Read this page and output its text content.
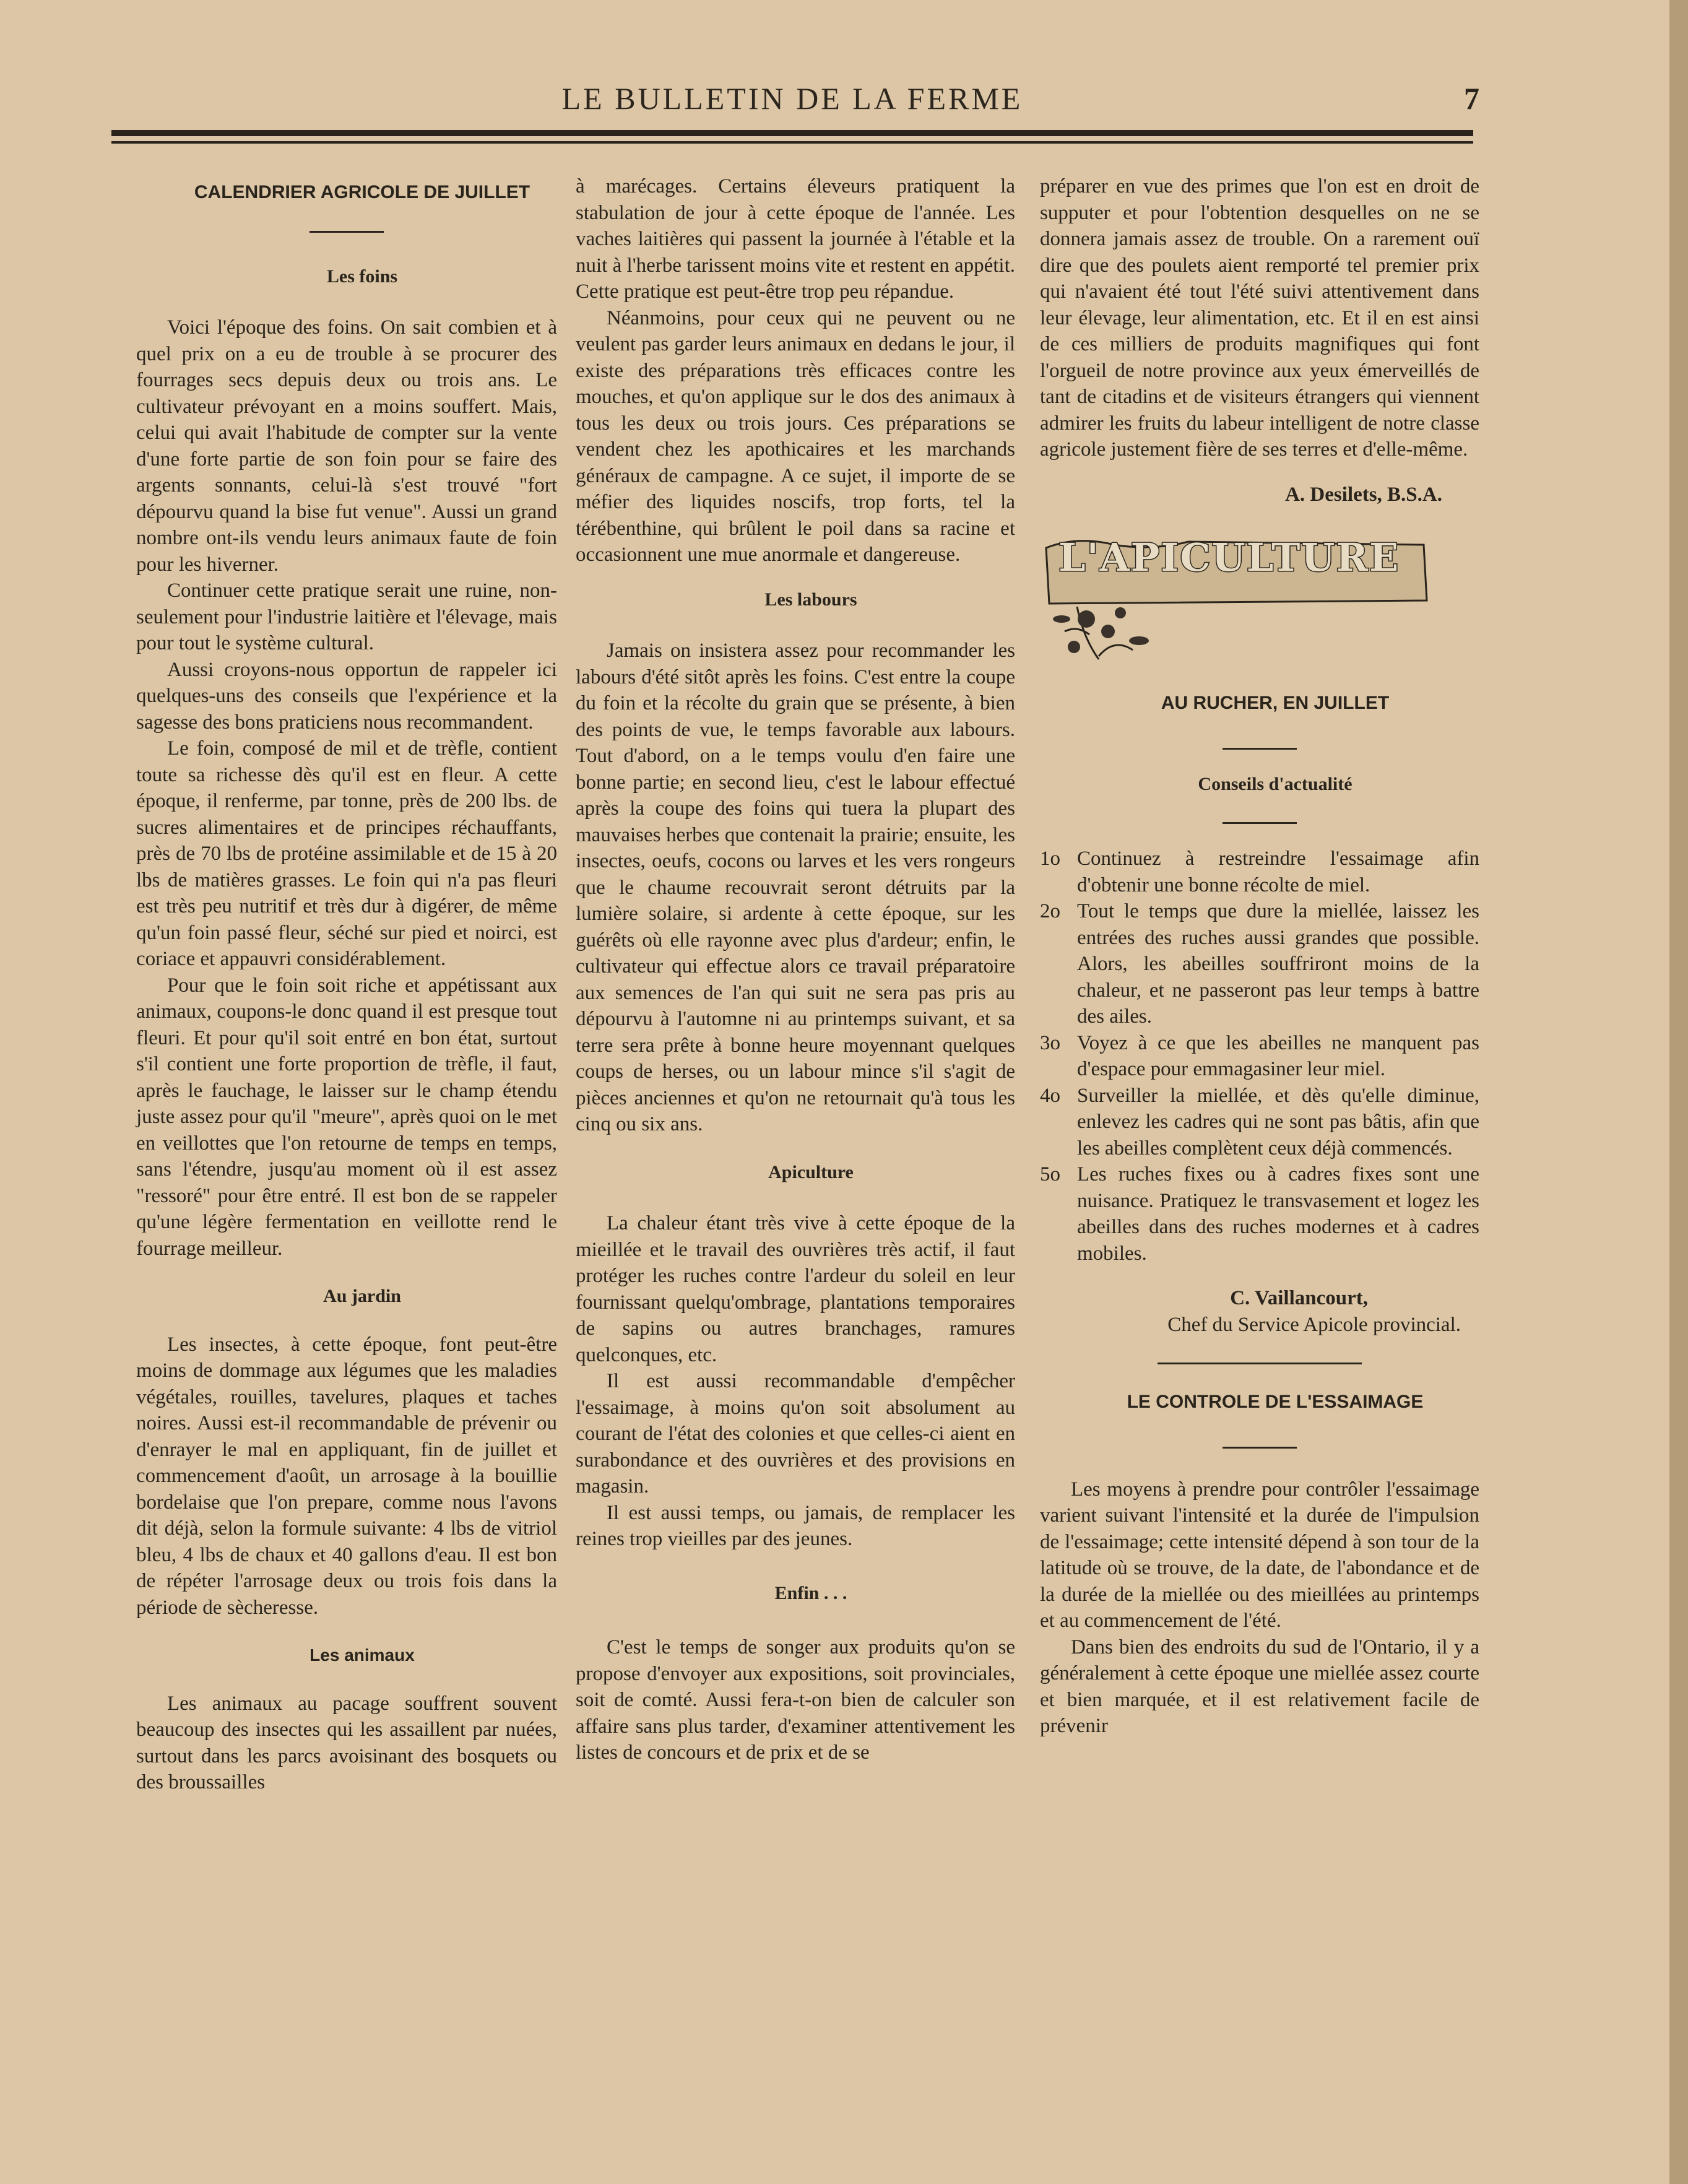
LE BULLETIN DE LA FERME	7

CALENDRIER AGRICOLE DE JUILLET

Les foins

Voici l'époque des foins. On sait combien et à quel prix on a eu de trouble à se procurer des fourrages secs depuis deux ou trois ans. Le cultivateur prévoyant en a moins souffert. Mais, celui qui avait l'habitude de compter sur la vente d'une forte partie de son foin pour se faire des argents sonnants, celui-là s'est trouvé "fort dépourvu quand la bise fut venue". Aussi un grand nombre ont-ils vendu leurs animaux faute de foin pour les hiverner.

Continuer cette pratique serait une ruine, non-seulement pour l'industrie laitière et l'élevage, mais pour tout le système cultural.

Aussi croyons-nous opportun de rappeler ici quelques-uns des conseils que l'expérience et la sagesse des bons praticiens nous recommandent.

Le foin, composé de mil et de trèfle, contient toute sa richesse dès qu'il est en fleur. A cette époque, il renferme, par tonne, près de 200 lbs. de sucres alimentaires et de principes réchauffants, près de 70 lbs de protéine assimilable et de 15 à 20 lbs de matières grasses. Le foin qui n'a pas fleuri est très peu nutritif et très dur à digérer, de même qu'un foin passé fleur, séché sur pied et noirci, est coriace et appauvri considérablement.

Pour que le foin soit riche et appétissant aux animaux, coupons-le donc quand il est presque tout fleuri. Et pour qu'il soit entré en bon état, surtout s'il contient une forte proportion de trèfle, il faut, après le fauchage, le laisser sur le champ étendu juste assez pour qu'il "meure", après quoi on le met en veillottes que l'on retourne de temps en temps, sans l'étendre, jusqu'au moment où il est assez "ressoré" pour être entré. Il est bon de se rappeler qu'une légère fermentation en veillotte rend le fourrage meilleur.

Au jardin

Les insectes, à cette époque, font peut-être moins de dommage aux légumes que les maladies végétales, rouilles, tavelures, plaques et taches noires. Aussi est-il recommandable de prévenir ou d'enrayer le mal en appliquant, fin de juillet et commencement d'août, un arrosage à la bouillie bordelaise que l'on prepare, comme nous l'avons dit déjà, selon la formule suivante: 4 lbs de vitriol bleu, 4 lbs de chaux et 40 gallons d'eau. Il est bon de répéter l'arrosage deux ou trois fois dans la période de sècheresse.

Les animaux

Les animaux au pacage souffrent souvent beaucoup des insectes qui les assaillent par nuées, surtout dans les parcs avoisinant des bosquets ou des broussailles

à marécages. Certains éleveurs pratiquent la stabulation de jour à cette époque de l'année. Les vaches laitières qui passent la journée à l'étable et la nuit à l'herbe tarissent moins vite et restent en appétit. Cette pratique est peut-être trop peu répandue.

Néanmoins, pour ceux qui ne peuvent ou ne veulent pas garder leurs animaux en dedans le jour, il existe des préparations très efficaces contre les mouches, et qu'on applique sur le dos des animaux à tous les deux ou trois jours. Ces préparations se vendent chez les apothicaires et les marchands généraux de campagne. A ce sujet, il importe de se méfier des liquides noscifs, trop forts, tel la térébenthine, qui brûlent le poil dans sa racine et occasionnent une mue anormale et dangereuse.

Les labours

Jamais on insistera assez pour recommander les labours d'été sitôt après les foins. C'est entre la coupe du foin et la récolte du grain que se présente, à bien des points de vue, le temps favorable aux labours. Tout d'abord, on a le temps voulu d'en faire une bonne partie; en second lieu, c'est le labour effectué après la coupe des foins qui tuera la plupart des mauvaises herbes que contenait la prairie; ensuite, les insectes, oeufs, cocons ou larves et les vers rongeurs que le chaume recouvrait seront détruits par la lumière solaire, si ardente à cette époque, sur les guérêts où elle rayonne avec plus d'ardeur; enfin, le cultivateur qui effectue alors ce travail préparatoire aux semences de l'an qui suit ne sera pas pris au dépourvu à l'automne ni au printemps suivant, et sa terre sera prête à bonne heure moyennant quelques coups de herses, ou un labour mince s'il s'agit de pièces anciennes et qu'on ne retournait qu'à tous les cinq ou six ans.

Apiculture

La chaleur étant très vive à cette époque de la mieillée et le travail des ouvrières très actif, il faut protéger les ruches contre l'ardeur du soleil en leur fournissant quelqu'ombrage, plantations temporaires de sapins ou autres branchages, ramures quelconques, etc.

Il est aussi recommandable d'empêcher l'essaimage, à moins qu'on soit absolument au courant de l'état des colonies et que celles-ci aient en surabondance et des ouvrières et des provisions en magasin.

Il est aussi temps, ou jamais, de remplacer les reines trop vieilles par des jeunes.

Enfin . . .

C'est le temps de songer aux produits qu'on se propose d'envoyer aux expositions, soit provinciales, soit de comté. Aussi fera-t-on bien de calculer son affaire sans plus tarder, d'examiner attentivement les listes de concours et de prix et de se

préparer en vue des primes que l'on est en droit de supputer et pour l'obtention desquelles on ne se donnera jamais assez de trouble. On a rarement ouï dire que des poulets aient remporté tel premier prix qui n'avaient été tout l'été suivi attentivement dans leur élevage, leur alimentation, etc. Et il en est ainsi de ces milliers de produits magnifiques qui font l'orgueil de notre province aux yeux émerveillés de tant de citadins et de visiteurs étrangers qui viennent admirer les fruits du labeur intelligent de notre classe agricole justement fière de ses terres et d'elle-même.

A. Desilets, B.S.A.

L'APICULTURE

AU RUCHER, EN JUILLET

Conseils d'actualité

1o Continuez à restreindre l'essaimage afin d'obtenir une bonne récolte de miel.
2o Tout le temps que dure la miellée, laissez les entrées des ruches aussi grandes que possible. Alors, les abeilles souffriront moins de la chaleur, et ne passeront pas leur temps à battre des ailes.
3o Voyez à ce que les abeilles ne manquent pas d'espace pour emmagasiner leur miel.
4o Surveiller la miellée, et dès qu'elle diminue, enlevez les cadres qui ne sont pas bâtis, afin que les abeilles complètent ceux déjà commencés.
5o Les ruches fixes ou à cadres fixes sont une nuisance. Pratiquez le transvasement et logez les abeilles dans des ruches modernes et à cadres mobiles.

C. Vaillancourt,

Chef du Service Apicole provincial.

LE CONTROLE DE L'ESSAIMAGE

Les moyens à prendre pour contrôler l'essaimage varient suivant l'intensité et la durée de l'impulsion de l'essaimage; cette intensité dépend à son tour de la latitude où se trouve, de la date, de l'abondance et de la durée de la miellée ou des mieillées au printemps et au commencement de l'été.

Dans bien des endroits du sud de l'Ontario, il y a généralement à cette époque une miellée assez courte et bien marquée, et il est relativement facile de prévenir
